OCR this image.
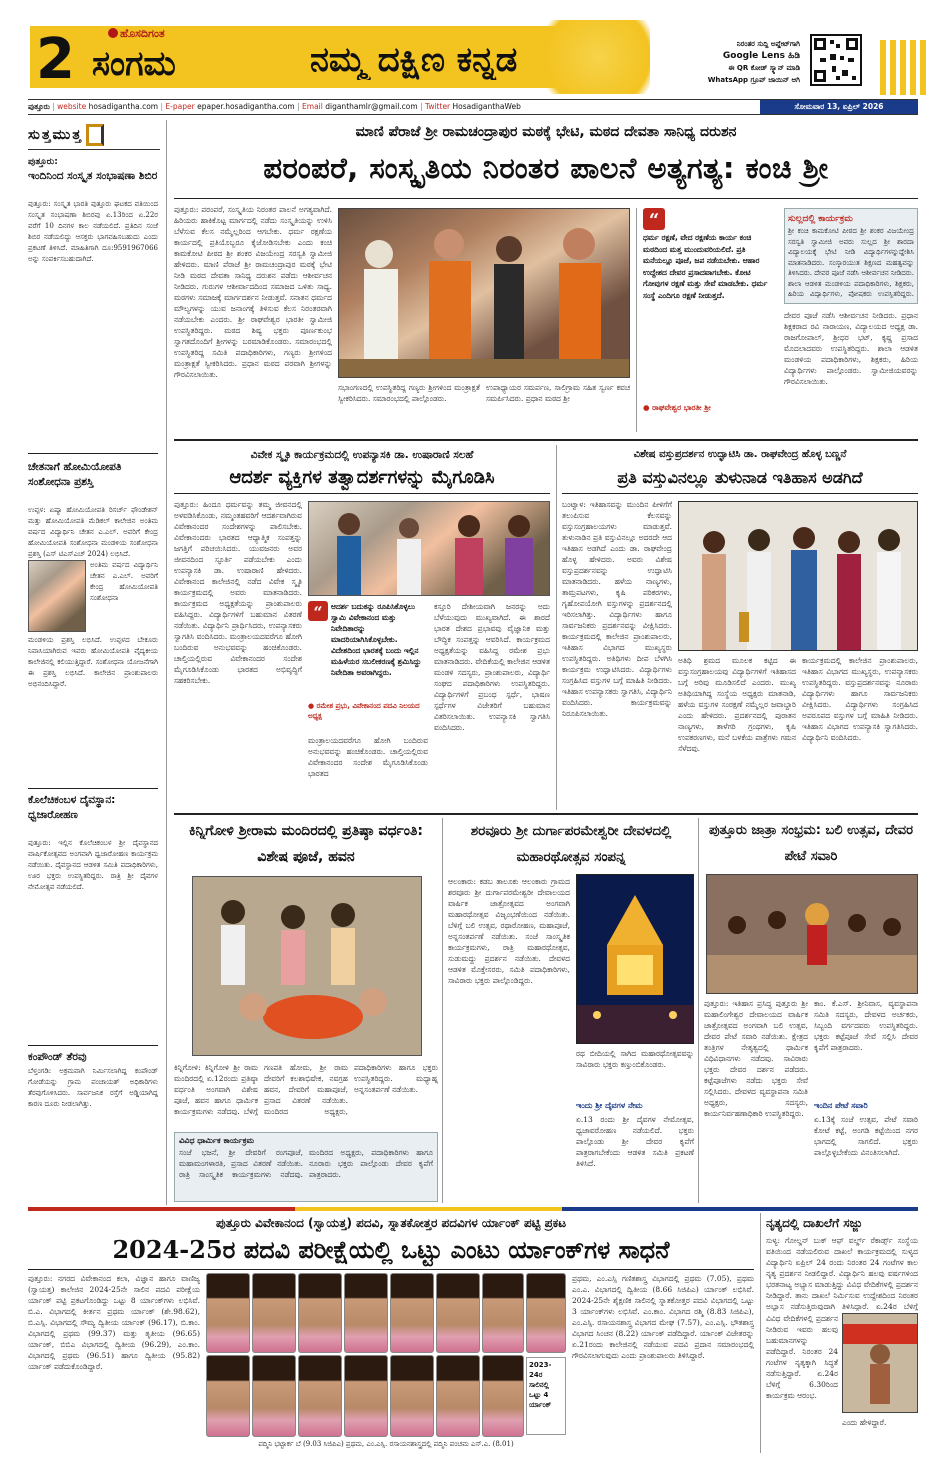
2	ಹೊಸದಿಗಂತ
ಸಂಗಮ	ನಮ್ಮ ದಕ್ಷಿಣ ಕನ್ನಡ	ನಿರಂತರ ಸುದ್ದಿ ಅಪ್ಡೇಟ್‌ಗಾಗಿ
Google Lens ಹಿಡಿ
ಈ QR ಕೋಡ್ ಸ್ಕ್ಯಾನ್ ಮಾಡಿ
WhatsApp ಗ್ರೂಪ್ ಜಾಯಿನ್ ಆಗಿ
ಪುತ್ತೂರು | website hosadigantha.com | E-paper epaper.hosadigantha.com | Email diganthamlr@gmail.com | Twitter HosadiganthaWeb	ಸೋಮವಾರ 13, ಏಪ್ರಿಲ್ 2026
ಸುತ್ತಮುತ್ತ
ಪುತ್ತೂರು:
ಇಂದಿನಿಂದ ಸಂಸ್ಕೃತ ಸಂಭಾಷಣಾ ಶಿಬಿರ
ಪುತ್ತೂರು: ಸಂಸ್ಕೃತ ಭಾರತಿ ಪುತ್ತೂರು ಘಟಕದ ವತಿಯಿಂದ ಸಂಸ್ಕೃತ ಸಂಭಾಷಣಾ ಶಿಬಿರವು ಏ.13ರಿಂದ ಏ.22ರ ವರೆಗೆ 10 ದಿನಗಳ ಕಾಲ ನಡೆಯಲಿದೆ. ಪ್ರತಿದಿನ ಸಂಜೆ ಶಿಬಿರ ನಡೆಯಲಿದ್ದು ಆಸಕ್ತರು ಭಾಗವಹಿಸಬಹುದು ಎಂದು ಪ್ರಕಟಣೆ ತಿಳಿಸಿದೆ. ಮಾಹಿತಿಗಾಗಿ ದೂ:9591967066 ಅನ್ನು ಸಂಪರ್ಕಿಸಬಹುದಾಗಿದೆ.
ಚೇತನಾಗೆ ಹೋಮಿಯೋಪತಿ ಸಂಶೋಧನಾ ಪ್ರಶಸ್ತಿ
ಉಪ್ಪಳ: ಏಷ್ಯಾ ಹೋಮಿಯೋಪತಿ ರಿಸರ್ಚ್ ಫೌಂಡೇಶನ್ ಮತ್ತು ಹೋಮಿಯೋಪತಿ ಮೆಡಿಕಲ್ ಕಾಲೇಜಿನ ಅಂತಿಮ ವರ್ಷದ ವಿದ್ಯಾರ್ಥಿನಿ ಚೇತನ ಎ.ಎಲ್. ಅವರಿಗೆ ಕೇಂದ್ರ ಹೋಮಿಯೋಪತಿ ಸಂಶೋಧನಾ ಮಂಡಳಿಯ ಸಂಶೋಧನಾ ಪ್ರಶಸ್ತಿ (ಎಸ್ ಟಿಎಸ್‌ಎಚ್ 2024) ಲಭಿಸಿದೆ.
ಅಂತಿಮ ವರ್ಷದ ವಿದ್ಯಾರ್ಥಿನಿ ಚೇತನ ಎ.ಎಲ್. ಅವರಿಗೆ ಕೇಂದ್ರ ಹೋಮಿಯೋಪತಿ ಸಂಶೋಧನಾ
ಮಂಡಳಿಯ ಪ್ರಶಸ್ತಿ ಲಭಿಸಿದೆ. ಉಪ್ಪಳದ ಬೇಕೂರು ನಿವಾಸಿಯಾಗಿರುವ ಇವರು ಹೋಮಿಯೋಪತಿ ವೈದ್ಯಕೀಯ ಕಾಲೇಜಿನಲ್ಲಿ ಕಲಿಯುತ್ತಿದ್ದಾರೆ. ಸಂಶೋಧನಾ ಯೋಜನೆಗಾಗಿ ಈ ಪ್ರಶಸ್ತಿ ಲಭಿಸಿದೆ. ಕಾಲೇಜಿನ ಪ್ರಾಂಶುಪಾಲರು ಅಭಿನಂದಿಸಿದ್ದಾರೆ.
ಕೊಲೆಚಿಕಂಬಳ ದೈವಸ್ಥಾನ: ಧ್ವಜಾರೋಹಣ
ಪುತ್ತೂರು: ಇಲ್ಲಿನ ಕೊಲೆಚಿಕಂಬಳ ಶ್ರೀ ದೈವಸ್ಥಾನದ ವಾರ್ಷಿಕೋತ್ಸವದ ಅಂಗವಾಗಿ ಧ್ವಜಾರೋಹಣ ಕಾರ್ಯಕ್ರಮ ನಡೆಯಿತು. ದೈವಸ್ಥಾನದ ಆಡಳಿತ ಸಮಿತಿ ಪದಾಧಿಕಾರಿಗಳು, ಊರ ಭಕ್ತರು ಉಪಸ್ಥಿತರಿದ್ದರು. ರಾತ್ರಿ ಶ್ರೀ ದೈವಗಳ ನೇಮೋತ್ಸವ ನಡೆಯಲಿದೆ.
ಕಂಪೌಂಡ್ ತೆರವು
ಬೆಳ್ತಂಗಡಿ: ಅಕ್ರಮವಾಗಿ ನಿರ್ಮಿಸಲಾಗಿದ್ದ ಕಂಪೌಂಡ್ ಗೋಡೆಯನ್ನು ಗ್ರಾಮ ಪಂಚಾಯತ್ ಅಧಿಕಾರಿಗಳು ತೆರವುಗೊಳಿಸಿದರು. ಸಾರ್ವಜನಿಕ ರಸ್ತೆಗೆ ಅಡ್ಡಿಯಾಗಿದ್ದ ಕಾರಣ ದೂರು ನೀಡಲಾಗಿತ್ತು.
ಮಾಣಿ ಪೆರಾಜೆ ಶ್ರೀ ರಾಮಚಂದ್ರಾಪುರ ಮಠಕ್ಕೆ ಭೇಟಿ, ಮಠದ ದೇವತಾ ಸಾನಿಧ್ಯ ದರುಶನ
ಪರಂಪರೆ, ಸಂಸ್ಕೃತಿಯ ನಿರಂತರ ಪಾಲನೆ ಅತ್ಯಗತ್ಯ: ಕಂಚಿ ಶ್ರೀ
ಪುತ್ತೂರು: ಪರಂಪರೆ, ಸಂಸ್ಕೃತಿಯ ನಿರಂತರ ಪಾಲನೆ ಅಗತ್ಯವಾಗಿದೆ. ಹಿರಿಯರು ಹಾಕಿಕೊಟ್ಟ ಮಾರ್ಗದಲ್ಲಿ ನಡೆದು ಸಂಸ್ಕೃತಿಯನ್ನು ಉಳಿಸಿ ಬೆಳೆಸುವ ಕೆಲಸ ನಮ್ಮೆಲ್ಲರಿಂದ ಆಗಬೇಕು. ಧರ್ಮ ರಕ್ಷಣೆಯ ಕಾರ್ಯದಲ್ಲಿ ಪ್ರತಿಯೊಬ್ಬರೂ ಕೈಜೋಡಿಸಬೇಕು ಎಂದು ಕಂಚಿ ಕಾಮಕೋಟಿ ಪೀಠದ ಶ್ರೀ ಶಂಕರ ವಿಜಯೇಂದ್ರ ಸರಸ್ವತಿ ಸ್ವಾಮೀಜಿ ಹೇಳಿದರು. ಮಾಣಿ ಪೆರಾಜೆ ಶ್ರೀ ರಾಮಚಂದ್ರಾಪುರ ಮಠಕ್ಕೆ ಭೇಟಿ ನೀಡಿ ಮಠದ ದೇವತಾ ಸಾನಿಧ್ಯ ದರುಶನ ಪಡೆದು ಆಶೀರ್ವಚನ ನೀಡಿದರು. ಗುರುಗಳ ಆಶೀರ್ವಾದದಿಂದ ಸಮಾಜದ ಒಳಿತು ಸಾಧ್ಯ. ಮಠಗಳು ಸಮಾಜಕ್ಕೆ ಮಾರ್ಗದರ್ಶನ ನೀಡುತ್ತವೆ. ಸನಾತನ ಧರ್ಮದ ಮೌಲ್ಯಗಳನ್ನು ಯುವ ಜನಾಂಗಕ್ಕೆ ತಿಳಿಸುವ ಕೆಲಸ ನಿರಂತರವಾಗಿ ನಡೆಯಬೇಕು ಎಂದರು. ಶ್ರೀ ರಾಘವೇಶ್ವರ ಭಾರತೀ ಸ್ವಾಮೀಜಿ ಉಪಸ್ಥಿತರಿದ್ದರು. ಮಠದ ಶಿಷ್ಯ ಭಕ್ತರು ಪೂರ್ಣಕುಂಭ ಸ್ವಾಗತದೊಂದಿಗೆ ಶ್ರೀಗಳನ್ನು ಬರಮಾಡಿಕೊಂಡರು. ಸಮಾರಂಭದಲ್ಲಿ ಉಪಸ್ಥಿತರಿದ್ದ ಸಮಿತಿ ಪದಾಧಿಕಾರಿಗಳು, ಗಣ್ಯರು ಶ್ರೀಗಳಿಂದ ಮಂತ್ರಾಕ್ಷತೆ ಸ್ವೀಕರಿಸಿದರು. ಪ್ರಧಾನ ಮಠದ ಪರವಾಗಿ ಶ್ರೀಗಳನ್ನು ಗೌರವಿಸಲಾಯಿತು.
ಸಭಾಂಗಣದಲ್ಲಿ ಉಪಸ್ಥಿತರಿದ್ದ ಗಣ್ಯರು ಶ್ರೀಗಳಿಂದ ಮಂತ್ರಾಕ್ಷತೆ ಸ್ವೀಕರಿಸಿದರು. ಸಮಾರಂಭದಲ್ಲಿ ಪಾಲ್ಗೊಂಡರು.
ಉಪಾಧ್ಯಾಯರ ಸಮರ್ಪಣ, ಸಾಲಿಗ್ರಾಮ ಸಹಿತ ಸ್ವರ್ಣ ಕವಚ ಸಮರ್ಪಿಸಿದರು. ಪ್ರಧಾನ ಮಠದ ಶ್ರೀ
“
ಧರ್ಮ ರಕ್ಷಣೆ, ವೇದ ರಕ್ಷಣೆಯ ಕಾರ್ಯ ಕಂಚಿ ಮಠದಿಂದ ಮತ್ತ ಮುಂದುವರಿಯಲಿದೆ. ಪ್ರತಿ ಮನೆಯಲ್ಲೂ ಪೂಜೆ, ಜಪ ನಡೆಯಬೇಕು. ಆಹಾರ ಉದ್ದೇಶದ ದೇವರ ಪ್ರಸಾದವಾಗಬೇಕು. ಕೋಟಿ ಗೋವುಗಳ ರಕ್ಷಣೆ ಮತ್ತು ಸೇವೆ ಮಾಡಬೇಕು. ಧರ್ಮ ಸಂಸ್ಥೆ ಎಂದಿಗೂ ರಕ್ಷಣೆ ನೀಡುತ್ತದೆ.
● ರಾಘವೇಶ್ವರ ಭಾರತೀ ಶ್ರೀ
ಸುಲ್ಲದಲ್ಲಿ ಕಾರ್ಯಕ್ರಮ
ಶ್ರೀ ಕಂಚಿ ಕಾಮಕೋಟಿ ಪೀಠದ ಶ್ರೀ ಶಂಕರ ವಿಜಯೇಂದ್ರ ಸರಸ್ವತಿ ಸ್ವಾಮೀಜಿ ಅವರು ಸುಲ್ಲದ ಶ್ರೀ ಶಾರದಾ ವಿದ್ಯಾಲಯಕ್ಕೆ ಭೇಟಿ ನೀಡಿ ವಿದ್ಯಾರ್ಥಿಗಳನ್ನುದ್ದೇಶಿಸಿ ಮಾತನಾಡಿದರು. ಸಂಸ್ಕಾರಯುತ ಶಿಕ್ಷಣದ ಮಹತ್ವವನ್ನು ತಿಳಿಸಿದರು. ದೇವರ ಪೂಜೆ ನಡೆಸಿ ಆಶೀರ್ವಚನ ನೀಡಿದರು. ಶಾಲಾ ಆಡಳಿತ ಮಂಡಳಿಯ ಪದಾಧಿಕಾರಿಗಳು, ಶಿಕ್ಷಕರು, ಹಿರಿಯ ವಿದ್ಯಾರ್ಥಿಗಳು, ಪೋಷಕರು ಉಪಸ್ಥಿತರಿದ್ದರು.
ದೇವರ ಪೂಜೆ ನಡೆಸಿ ಆಶೀರ್ವಚನ ನೀಡಿದರು. ಪ್ರಧಾನ ಶಿಕ್ಷಕರಾದ ರವಿ ನಾರಾಯಣ, ವಿದ್ಯಾಲಯದ ಅಧ್ಯಕ್ಷ ಡಾ. ರಾಜಗೋಪಾಲ್, ಶ್ರೀಧರ ಭಟ್, ಕೃಷ್ಣ ಪ್ರಸಾದ ಮೊದಲಾದವರು ಉಪಸ್ಥಿತರಿದ್ದರು. ಶಾಲಾ ಆಡಳಿತ ಮಂಡಳಿಯ ಪದಾಧಿಕಾರಿಗಳು, ಶಿಕ್ಷಕರು, ಹಿರಿಯ ವಿದ್ಯಾರ್ಥಿಗಳು ಪಾಲ್ಗೊಂಡರು. ಸ್ವಾಮೀಜಿಯವರನ್ನು ಗೌರವಿಸಲಾಯಿತು.
ವಿವೇಕ ಸ್ಮೃತಿ ಕಾರ್ಯಕ್ರಮದಲ್ಲಿ ಉಪನ್ಯಾಸಕಿ ಡಾ. ಉಷಾರಾಣಿ ಸಲಹೆ
ಆದರ್ಶ ವ್ಯಕ್ತಿಗಳ ತತ್ವಾದರ್ಶಗಳನ್ನು ಮೈಗೂಡಿಸಿ
ಪುತ್ತೂರು: ಹಿಂದೂ ಧರ್ಮವನ್ನು ತಮ್ಮ ಜೀವನದಲ್ಲಿ ಅಳವಡಿಸಿಕೊಂಡು, ನಮ್ಮಂತಹವರಿಗೆ ಆದರ್ಶವಾಗಿರುವ ವಿವೇಕಾನಂದರ ಸಂದೇಶಗಳನ್ನು ಪಾಲಿಸಬೇಕು. ವಿವೇಕಾನಂದರು ಭಾರತದ ಆಧ್ಯಾತ್ಮಿಕ ಸಂಪತ್ತನ್ನು ಜಗತ್ತಿಗೆ ಪರಿಚಯಿಸಿದರು. ಯುವಜನರು ಅವರ ಜೀವನದಿಂದ ಸ್ಫೂರ್ತಿ ಪಡೆಯಬೇಕು ಎಂದು ಉಪನ್ಯಾಸಕಿ ಡಾ. ಉಷಾರಾಣಿ ಹೇಳಿದರು. ವಿವೇಕಾನಂದ ಕಾಲೇಜಿನಲ್ಲಿ ನಡೆದ ವಿವೇಕ ಸ್ಮೃತಿ ಕಾರ್ಯಕ್ರಮದಲ್ಲಿ ಅವರು ಮಾತನಾಡಿದರು. ಕಾರ್ಯಕ್ರಮದ ಅಧ್ಯಕ್ಷತೆಯನ್ನು ಪ್ರಾಂಶುಪಾಲರು ವಹಿಸಿದ್ದರು. ವಿದ್ಯಾರ್ಥಿಗಳಿಗೆ ಬಹುಮಾನ ವಿತರಣೆ ನಡೆಯಿತು. ವಿದ್ಯಾರ್ಥಿನಿ ಪ್ರಾರ್ಥಿಸಿದರು, ಉಪನ್ಯಾಸಕರು ಸ್ವಾಗತಿಸಿ ವಂದಿಸಿದರು. ಮಂತ್ರಾಲಯದವರೆಗೂ ಹೋಗಿ ಬಂದಿರುವ ಅನುಭವವನ್ನು ಹಂಚಿಕೊಂಡರು. ಚಾಲ್ತಿಯಲ್ಲಿರುವ ವಿವೇಕಾನಂದರ ಸಂದೇಶ ಮೈಗೂಡಿಸಿಕೊಂಡು ಭಾರತದ ಅಭಿವೃದ್ಧಿಗೆ ಸಹಕರಿಸಬೇಕು.
“	ಆದರ್ಶ ಬದುಕನ್ನು ರೂಪಿಸಿಕೊಳ್ಳಲು ಸ್ವಾಮಿ ವಿವೇಕಾನಂದ ಮತ್ತು ನಿವೇದಿತಾರನ್ನು ಮಾದರಿಯಾಗಿಸಿಕೊಳ್ಳಬೇಕು. ವಿದೇಶದಿಂದ ಭಾರತಕ್ಕೆ ಬಂದು ಇಲ್ಲಿನ ಮಹಿಳೆಯರ ಸಬಲೀಕರಣಕ್ಕೆ ಶ್ರಮಿಸಿದ್ದು ನಿವೇದಿತಾ ಅವರಾಗಿದ್ದರು.
● ರಮೇಶ ಪ್ರಭು, ವಿವೇಕಾನಂದ ಪದವಿ ನಿಲಯದ ಅಧ್ಯಕ್ಷ
ಕಸ್ತೂರಿ ದೇಶೀಯವಾಗಿ ಜನರನ್ನು ಅದು ಬೆಳೆಯುವುದು ಮುಖ್ಯವಾಗಿದೆ. ಈ ಶಾರದೆ ಭಾರತ ದೇಶದ ಪ್ರಭಾವವು ವೈಜ್ಞಾನಿಕ ಮತ್ತು ಬೌದ್ಧಿಕ ಸಂಪತ್ತನ್ನು ಆವರಿಸಿದೆ. ಕಾರ್ಯಕ್ರಮದ ಅಧ್ಯಕ್ಷತೆಯನ್ನು ವಹಿಸಿದ್ದ ರಮೇಶ ಪ್ರಭು ಮಾತನಾಡಿದರು. ವೇದಿಕೆಯಲ್ಲಿ ಕಾಲೇಜಿನ ಆಡಳಿತ ಮಂಡಳಿ ಸದಸ್ಯರು, ಪ್ರಾಂಶುಪಾಲರು, ವಿದ್ಯಾರ್ಥಿ ಸಂಘದ ಪದಾಧಿಕಾರಿಗಳು ಉಪಸ್ಥಿತರಿದ್ದರು. ವಿದ್ಯಾರ್ಥಿಗಳಿಗೆ ಪ್ರಬಂಧ ಸ್ಪರ್ಧೆ, ಭಾಷಣ ಸ್ಪರ್ಧೆಗಳ ವಿಜೇತರಿಗೆ ಬಹುಮಾನ ವಿತರಿಸಲಾಯಿತು. ಉಪನ್ಯಾಸಕಿ ಸ್ವಾಗತಿಸಿ ವಂದಿಸಿದರು.
ಮಂತ್ರಾಲಯದವರೆಗೂ ಹೋಗಿ ಬಂದಿರುವ ಅನುಭವವನ್ನು ಹಂಚಿಕೊಂಡರು. ಚಾಲ್ತಿಯಲ್ಲಿರುವ ವಿವೇಕಾನಂದರ ಸಂದೇಶ ಮೈಗೂಡಿಸಿಕೊಂಡು ಭಾರತದ
ವಿಶೇಷ ವಸ್ತುಪ್ರದರ್ಶನ ಉದ್ಘಾಟಿಸಿ ಡಾ. ರಾಘವೇಂದ್ರ ಹೊಳ್ಳ ಬಣ್ಣನೆ
ಪ್ರತಿ ವಸ್ತುವಿನಲ್ಲೂ ತುಳುನಾಡ ಇತಿಹಾಸ ಅಡಗಿದೆ
ಬಂಟ್ವಾಳ: ಇತಿಹಾಸವನ್ನು ಮುಂದಿನ ಪೀಳಿಗೆಗೆ ತಲುಪಿಸುವ ಕೆಲಸವನ್ನು ವಸ್ತುಸಂಗ್ರಹಾಲಯಗಳು ಮಾಡುತ್ತವೆ. ತುಳುನಾಡಿನ ಪ್ರತಿ ವಸ್ತುವಿನಲ್ಲೂ ಅದರದೇ ಆದ ಇತಿಹಾಸ ಅಡಗಿದೆ ಎಂದು ಡಾ. ರಾಘವೇಂದ್ರ ಹೊಳ್ಳ ಹೇಳಿದರು. ಅವರು ವಿಶೇಷ ವಸ್ತುಪ್ರದರ್ಶನವನ್ನು ಉದ್ಘಾಟಿಸಿ ಮಾತನಾಡಿದರು. ಹಳೆಯ ನಾಣ್ಯಗಳು, ತಾಮ್ರಪಟಗಳು, ಕೃಷಿ ಪರಿಕರಗಳು, ಗೃಹೋಪಯೋಗಿ ವಸ್ತುಗಳನ್ನು ಪ್ರದರ್ಶನದಲ್ಲಿ ಇರಿಸಲಾಗಿತ್ತು. ವಿದ್ಯಾರ್ಥಿಗಳು ಹಾಗೂ ಸಾರ್ವಜನಿಕರು ಪ್ರದರ್ಶನವನ್ನು ವೀಕ್ಷಿಸಿದರು. ಕಾರ್ಯಕ್ರಮದಲ್ಲಿ ಕಾಲೇಜಿನ ಪ್ರಾಂಶುಪಾಲರು, ಇತಿಹಾಸ ವಿಭಾಗದ ಮುಖ್ಯಸ್ಥರು ಉಪಸ್ಥಿತರಿದ್ದರು. ಅತಿಥಿಗಳು ದೀಪ ಬೆಳಗಿಸಿ ಕಾರ್ಯಕ್ರಮ ಉದ್ಘಾಟಿಸಿದರು. ವಿದ್ಯಾರ್ಥಿಗಳು ಸಂಗ್ರಹಿಸಿದ ವಸ್ತುಗಳ ಬಗ್ಗೆ ಮಾಹಿತಿ ನೀಡಿದರು. ಇತಿಹಾಸ ಉಪನ್ಯಾಸಕರು ಸ್ವಾಗತಿಸಿ, ವಿದ್ಯಾರ್ಥಿನಿ ವಂದಿಸಿದರು. ಕಾರ್ಯಕ್ರಮವನ್ನು ನಿರೂಪಿಸಲಾಯಿತು.
ಅತಿಥಿ ಶ್ರಮದ ಮೂಲಕ ಕಟ್ಟಿದ ಈ ವಸ್ತುಸಂಗ್ರಹಾಲಯವು ವಿದ್ಯಾರ್ಥಿಗಳಿಗೆ ಇತಿಹಾಸದ ಬಗ್ಗೆ ಅರಿವು ಮೂಡಿಸಲಿದೆ ಎಂದರು. ಮುಖ್ಯ ಅತಿಥಿಯಾಗಿದ್ದ ಸಂಸ್ಥೆಯ ಅಧ್ಯಕ್ಷರು ಮಾತನಾಡಿ, ಹಳೆಯ ವಸ್ತುಗಳ ಸಂರಕ್ಷಣೆ ನಮ್ಮೆಲ್ಲರ ಜವಾಬ್ದಾರಿ ಎಂದು ಹೇಳಿದರು. ಪ್ರದರ್ಶನದಲ್ಲಿ ಪುರಾತನ ನಾಣ್ಯಗಳು, ತಾಳೆಗರಿ ಗ್ರಂಥಗಳು, ಕೃಷಿ ಉಪಕರಣಗಳು, ಮನೆ ಬಳಕೆಯ ಪಾತ್ರೆಗಳು ಗಮನ ಸೆಳೆದವು.
ಕಾರ್ಯಕ್ರಮದಲ್ಲಿ ಕಾಲೇಜಿನ ಪ್ರಾಂಶುಪಾಲರು, ಇತಿಹಾಸ ವಿಭಾಗದ ಮುಖ್ಯಸ್ಥರು, ಉಪನ್ಯಾಸಕರು ಉಪಸ್ಥಿತರಿದ್ದರು. ವಸ್ತುಪ್ರದರ್ಶನವನ್ನು ನೂರಾರು ವಿದ್ಯಾರ್ಥಿಗಳು ಹಾಗೂ ಸಾರ್ವಜನಿಕರು ವೀಕ್ಷಿಸಿದರು. ವಿದ್ಯಾರ್ಥಿಗಳು ಸಂಗ್ರಹಿಸಿದ ಅಪರೂಪದ ವಸ್ತುಗಳ ಬಗ್ಗೆ ಮಾಹಿತಿ ನೀಡಿದರು. ಇತಿಹಾಸ ವಿಭಾಗದ ಉಪನ್ಯಾಸಕಿ ಸ್ವಾಗತಿಸಿದರು. ವಿದ್ಯಾರ್ಥಿನಿ ವಂದಿಸಿದರು.
ಕಿನ್ನಿಗೋಳಿ ಶ್ರೀರಾಮ ಮಂದಿರದಲ್ಲಿ ಪ್ರತಿಷ್ಠಾ ವರ್ಧಂತಿ: ವಿಶೇಷ ಪೂಜೆ, ಹವನ
ಕಿನ್ನಿಗೋಳಿ: ಕಿನ್ನಿಗೋಳಿ ಶ್ರೀ ರಾಮ ಮಂದಿರದಲ್ಲಿ ಏ.12ರಂದು ಪ್ರತಿಷ್ಠಾ ವರ್ಧಂತಿ ಅಂಗವಾಗಿ ವಿಶೇಷ ಪೂಜೆ, ಹವನ ಹಾಗೂ ಧಾರ್ಮಿಕ ಕಾರ್ಯಕ್ರಮಗಳು ನಡೆದವು. ಬೆಳಿಗ್ಗೆ ಗಣಪತಿ ಹೋಮ, ಶ್ರೀ ರಾಮ ದೇವರಿಗೆ ಕಲಶಾಭಿಷೇಕ, ನವಗ್ರಹ ಹವನ, ದೇವರಿಗೆ ಮಹಾಪೂಜೆ, ಪ್ರಸಾದ ವಿತರಣೆ ನಡೆಯಿತು. ಮಂದಿರದ ಅಧ್ಯಕ್ಷರು, ಪದಾಧಿಕಾರಿಗಳು ಹಾಗೂ ಭಕ್ತರು ಉಪಸ್ಥಿತರಿದ್ದರು. ಮಧ್ಯಾಹ್ನ ಅನ್ನಸಂತರ್ಪಣೆ ನಡೆಯಿತು.
ವಿವಿಧ ಧಾರ್ಮಿಕ ಕಾರ್ಯಕ್ರಮ
ಸಂಜೆ ಭಜನೆ, ಶ್ರೀ ದೇವರಿಗೆ ರಂಗಪೂಜೆ, ಮಹಾಮಂಗಳಾರತಿ, ಪ್ರಸಾದ ವಿತರಣೆ ನಡೆಯಿತು. ರಾತ್ರಿ ಸಾಂಸ್ಕೃತಿಕ ಕಾರ್ಯಕ್ರಮಗಳು ನಡೆದವು. ಮಂದಿರದ ಅಧ್ಯಕ್ಷರು, ಪದಾಧಿಕಾರಿಗಳು ಹಾಗೂ ನೂರಾರು ಭಕ್ತರು ಪಾಲ್ಗೊಂಡು ದೇವರ ಕೃಪೆಗೆ ಪಾತ್ರರಾದರು.
ಶರವೂರು ಶ್ರೀ ದುರ್ಗಾಪರಮೇಶ್ವರೀ ದೇವಳದಲ್ಲಿ ಮಹಾರಥೋತ್ಸವ ಸಂಪನ್ನ
ಆಲಂಕಾರು: ಕಡಬ ತಾಲೂಕು ಆಲಂಕಾರು ಗ್ರಾಮದ ಶರವೂರು ಶ್ರೀ ದುರ್ಗಾಪರಮೇಶ್ವರೀ ದೇವಾಲಯದ ವಾರ್ಷಿಕ ಜಾತ್ರೋತ್ಸವದ ಅಂಗವಾಗಿ ಮಹಾರಥೋತ್ಸವ ವಿಜೃಂಭಣೆಯಿಂದ ನಡೆಯಿತು. ಬೆಳಿಗ್ಗೆ ಬಲಿ ಉತ್ಸವ, ರಥಾರೋಹಣ, ಮಹಾಪೂಜೆ, ಅನ್ನಸಂತರ್ಪಣೆ ನಡೆಯಿತು. ಸಂಜೆ ಸಾಂಸ್ಕೃತಿಕ ಕಾರ್ಯಕ್ರಮಗಳು, ರಾತ್ರಿ ಮಹಾರಥೋತ್ಸವ, ಸುಡುಮದ್ದು ಪ್ರದರ್ಶನ ನಡೆಯಿತು. ದೇವಳದ ಆಡಳಿತ ಮೊಕ್ತೇಸರರು, ಸಮಿತಿ ಪದಾಧಿಕಾರಿಗಳು, ಸಾವಿರಾರು ಭಕ್ತರು ಪಾಲ್ಗೊಂಡಿದ್ದರು.
ರಥ ಬೀದಿಯಲ್ಲಿ ಸಾಗಿದ ಮಹಾರಥೋತ್ಸವವನ್ನು ಸಾವಿರಾರು ಭಕ್ತರು ಕಣ್ತುಂಬಿಕೊಂಡರು.
ಇಂದು ಶ್ರೀ ದೈವಗಳ ನೇಮ
ಏ.13 ರಂದು ಶ್ರೀ ದೈವಗಳ ನೇಮೋತ್ಸವ, ಧ್ವಜಾವರೋಹಣ ನಡೆಯಲಿದೆ. ಭಕ್ತರು ಪಾಲ್ಗೊಂಡು ಶ್ರೀ ದೇವರ ಕೃಪೆಗೆ ಪಾತ್ರರಾಗಬೇಕೆಂದು ಆಡಳಿತ ಸಮಿತಿ ಪ್ರಕಟಣೆ ತಿಳಿಸಿದೆ.
ಪುತ್ತೂರು ಜಾತ್ರಾ ಸಂಭ್ರಮ: ಬಲಿ ಉತ್ಸವ, ದೇವರ ಪೇಟೆ ಸವಾರಿ
ಪುತ್ತೂರು: ಇತಿಹಾಸ ಪ್ರಸಿದ್ಧ ಪುತ್ತೂರು ಶ್ರೀ ಮಹಾಲಿಂಗೇಶ್ವರ ದೇವಾಲಯದ ವಾರ್ಷಿಕ ಜಾತ್ರೋತ್ಸವದ ಅಂಗವಾಗಿ ಬಲಿ ಉತ್ಸವ, ದೇವರ ಪೇಟೆ ಸವಾರಿ ನಡೆಯಿತು. ಕ್ಷೇತ್ರದ ತಂತ್ರಿಗಳ ನೇತೃತ್ವದಲ್ಲಿ ಧಾರ್ಮಿಕ ವಿಧಿವಿಧಾನಗಳು ನಡೆದವು. ಸಾವಿರಾರು ಭಕ್ತರು ದೇವರ ದರ್ಶನ ಪಡೆದರು. ಕಟ್ಟೆಪೂಜೆಗಳು ನಡೆದು ಭಕ್ತರು ಸೇವೆ ಸಲ್ಲಿಸಿದರು. ದೇವಳದ ವ್ಯವಸ್ಥಾಪನಾ ಸಮಿತಿ ಅಧ್ಯಕ್ಷರು, ಸದಸ್ಯರು, ಕಾರ್ಯನಿರ್ವಹಣಾಧಿಕಾರಿ ಉಪಸ್ಥಿತರಿದ್ದರು.
ಕಾಂ. ಕೆ.ಎಸ್. ಶ್ರೀನಿವಾಸ, ವ್ಯವಸ್ಥಾಪನಾ ಸಮಿತಿ ಸದಸ್ಯರು, ದೇವಳದ ಅರ್ಚಕರು, ಸಿಬ್ಬಂದಿ ವರ್ಗದವರು ಉಪಸ್ಥಿತರಿದ್ದರು. ಭಕ್ತರು ಕಟ್ಟೆಪೂಜೆ ಸೇವೆ ಸಲ್ಲಿಸಿ ದೇವರ ಕೃಪೆಗೆ ಪಾತ್ರರಾದರು.
ಇಂದಿನ ಪೇಟೆ ಸವಾರಿ
ಏ.13ಕ್ಕೆ ಸಂಜೆ ಉತ್ಸವ, ಪೇಟೆ ಸವಾರಿ ಕೋಟೆ ಕಟ್ಟೆ, ಅಂಗಡಿ ಕಟ್ಟೆಯಿಂದ ನಗರ ಭಾಗದಲ್ಲಿ ಸಾಗಲಿದೆ. ಭಕ್ತರು ಪಾಲ್ಗೊಳ್ಳಬೇಕೆಂದು ವಿನಂತಿಸಲಾಗಿದೆ.
ಪುತ್ತೂರು ವಿವೇಕಾನಂದ (ಸ್ವಾಯತ್ತ) ಪದವಿ, ಸ್ನಾತಕೋತ್ತರ ಪದವಿಗಳ ರ್ಯಾಂಕ್ ಪಟ್ಟಿ ಪ್ರಕಟ
2024-25ರ ಪದವಿ ಪರೀಕ್ಷೆಯಲ್ಲಿ ಒಟ್ಟು ಎಂಟು ರ್ಯಾಂಕ್‌ಗಳ ಸಾಧನೆ
ಪುತ್ತೂರು: ನಗರದ ವಿವೇಕಾನಂದ ಕಲಾ, ವಿಜ್ಞಾನ ಹಾಗೂ ವಾಣಿಜ್ಯ (ಸ್ವಾಯತ್ತ) ಕಾಲೇಜಿನ 2024-25ನೇ ಸಾಲಿನ ಪದವಿ ಪರೀಕ್ಷೆಯ ರ್ಯಾಂಕ್ ಪಟ್ಟಿ ಪ್ರಕಟಗೊಂಡಿದ್ದು ಒಟ್ಟು 8 ರ್ಯಾಂಕ್‌ಗಳು ಲಭಿಸಿವೆ. ಬಿ.ಎ. ವಿಭಾಗದಲ್ಲಿ ಕೀರ್ತನ ಪ್ರಥಮ ರ್ಯಾಂಕ್ (ಶೇ.98.62), ಬಿ.ಎಸ್ಸಿ. ವಿಭಾಗದಲ್ಲಿ ಸೌಮ್ಯ ದ್ವಿತೀಯ ರ್ಯಾಂಕ್ (96.17), ಬಿ.ಕಾಂ. ವಿಭಾಗದಲ್ಲಿ ಪ್ರಥಮ (99.37) ಮತ್ತು ತೃತೀಯ (96.65) ರ್ಯಾಂಕ್, ಬಿಬಿಎ ವಿಭಾಗದಲ್ಲಿ ದ್ವಿತೀಯ (96.29), ಎಂ.ಕಾಂ. ವಿಭಾಗದಲ್ಲಿ ಪ್ರಥಮ (96.51) ಹಾಗೂ ದ್ವಿತೀಯ (95.82) ರ್ಯಾಂಕ್ ಪಡೆದುಕೊಂಡಿದ್ದಾರೆ.	2023-24ರ ಸಾಲಿನಲ್ಲಿ ಒಟ್ಟು 4 ರ್ಯಾಂಕ್
ಪದ್ಮಿನಿ ಭಟ್ಟಾರ್ಕ ಬೆ (9.03 ಸಿಜಿಪಿಎ) ಪ್ರಥಮ, ಎಂ.ಎಸ್ಸಿ. ರಸಾಯನಶಾಸ್ತ್ರದಲ್ಲಿ ಪದ್ಮಿನಿ ಪಂಚಮ ಎಸ್.ಎ. (8.01)
ಪ್ರಥಮ, ಎಂ.ಎಸ್ಸಿ ಗಣಿತಶಾಸ್ತ್ರ ವಿಭಾಗದಲ್ಲಿ ಪ್ರಥಮ (7.05), ಪ್ರಥಮ ಎಂ.ಎ. ವಿಭಾಗದಲ್ಲಿ ದ್ವಿತೀಯ (8.66 ಸಿಜಿಪಿಎ) ರ್ಯಾಂಕ್ ಲಭಿಸಿವೆ. 2024-25ನೇ ಶೈಕ್ಷಣಿಕ ಸಾಲಿನಲ್ಲಿ ಸ್ನಾತಕೋತ್ತರ ಪದವಿ ವಿಭಾಗದಲ್ಲಿ ಒಟ್ಟು 3 ರ್ಯಾಂಕ್‌ಗಳು ಲಭಿಸಿವೆ. ಎಂ.ಕಾಂ. ವಿಭಾಗದ ರಶ್ಮಿ (8.83 ಸಿಜಿಪಿಎ), ಎಂ.ಎಸ್ಸಿ. ರಸಾಯನಶಾಸ್ತ್ರ ವಿಭಾಗದ ಮೇಘ (7.57), ಎಂ.ಎಸ್ಸಿ. ಭೌತಶಾಸ್ತ್ರ ವಿಭಾಗದ ಸಿಂಚನ (8.22) ರ್ಯಾಂಕ್ ಪಡೆದಿದ್ದಾರೆ. ರ್ಯಾಂಕ್ ವಿಜೇತರನ್ನು ಏ.21ರಂದು ಕಾಲೇಜಿನಲ್ಲಿ ನಡೆಯುವ ಪದವಿ ಪ್ರದಾನ ಸಮಾರಂಭದಲ್ಲಿ ಗೌರವಿಸಲಾಗುವುದು ಎಂದು ಪ್ರಾಂಶುಪಾಲರು ತಿಳಿಸಿದ್ದಾರೆ.
ನೃತ್ಯದಲ್ಲಿ ದಾಖಲೆಗೆ ಸಜ್ಜು
ಸುಳ್ಯ: ಗೋಲ್ಡನ್ ಬುಕ್ ಆಫ್ ವರ್ಲ್ಡ್ ರೆಕಾರ್ಡ್ಸ್ ಸಂಸ್ಥೆಯ ವತಿಯಿಂದ ನಡೆಯಲಿರುವ ದಾಖಲೆ ಕಾರ್ಯಕ್ರಮದಲ್ಲಿ ಸುಳ್ಯದ ವಿದ್ಯಾರ್ಥಿನಿ ಏಪ್ರಿಲ್ 24 ರಂದು ನಿರಂತರ 24 ಗಂಟೆಗಳ ಕಾಲ ನೃತ್ಯ ಪ್ರದರ್ಶನ ನೀಡಲಿದ್ದಾರೆ. ವಿದ್ಯಾರ್ಥಿನಿ ಹಲವು ವರ್ಷಗಳಿಂದ ಭರತನಾಟ್ಯ ಅಭ್ಯಾಸ ಮಾಡುತ್ತಿದ್ದು ವಿವಿಧ ವೇದಿಕೆಗಳಲ್ಲಿ ಪ್ರದರ್ಶನ ನೀಡಿದ್ದಾರೆ. ತಾನು ದಾಖಲೆ ನಿರ್ಮಿಸುವ ಉದ್ದೇಶದಿಂದ ನಿರಂತರ ಅಭ್ಯಾಸ ನಡೆಸುತ್ತಿರುವುದಾಗಿ ತಿಳಿಸಿದ್ದಾರೆ. ಏ.24ರ ಬೆಳಿಗ್ಗೆ
ವಿವಿಧ ವೇದಿಕೆಗಳಲ್ಲಿ ಪ್ರದರ್ಶನ ನೀಡಿರುವ ಇವರು ಹಲವು ಬಹುಮಾನಗಳನ್ನು ಪಡೆದಿದ್ದಾರೆ. ನಿರಂತರ 24 ಗಂಟೆಗಳ ನೃತ್ಯಕ್ಕಾಗಿ ಸಿದ್ಧತೆ ನಡೆಸುತ್ತಿದ್ದಾರೆ. ಏ.24ರ ಬೆಳಿಗ್ಗೆ 6.30ರಿಂದ ಕಾರ್ಯಕ್ರಮ ಆರಂಭ.
ಎಂದು ಹೇಳಿದ್ದಾರೆ.
